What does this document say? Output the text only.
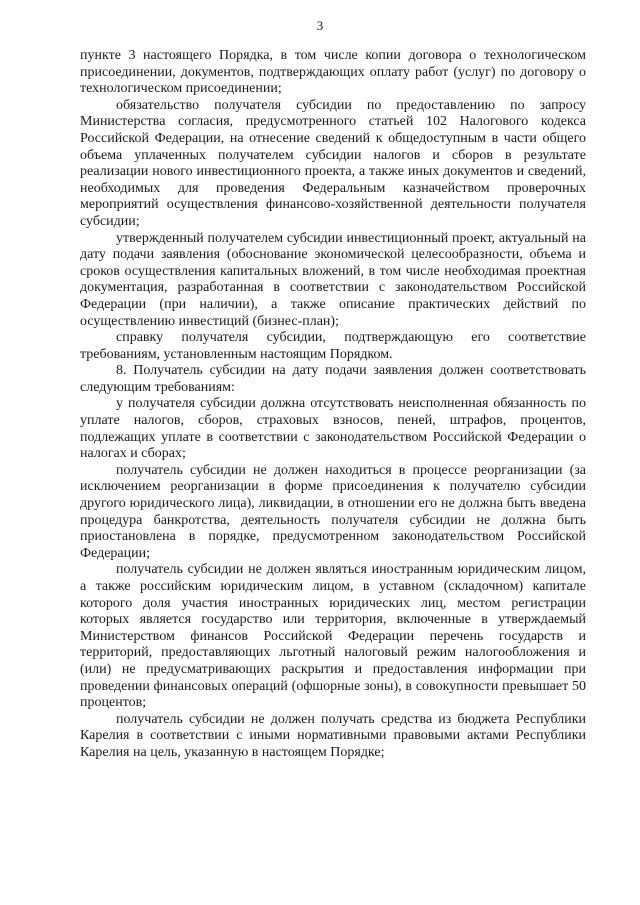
3

пункте 3 настоящего Порядка, в том числе копии договора о технологическом присоединении, документов, подтверждающих оплату работ (услуг) по договору о технологическом присоединении;

обязательство получателя субсидии по предоставлению по запросу Министерства согласия, предусмотренного статьей 102 Налогового кодекса Российской Федерации, на отнесение сведений к общедоступным в части общего объема уплаченных получателем субсидии налогов и сборов в результате реализации нового инвестиционного проекта, а также иных документов и сведений, необходимых для проведения Федеральным казначейством проверочных мероприятий осуществления финансово-хозяйственной деятельности получателя субсидии;

утвержденный получателем субсидии инвестиционный проект, актуальный на дату подачи заявления (обоснование экономической целесообразности, объема и сроков осуществления капитальных вложений, в том числе необходимая проектная документация, разработанная в соответствии с законодательством Российской Федерации (при наличии), а также описание практических действий по осуществлению инвестиций (бизнес-план);

справку получателя субсидии, подтверждающую его соответствие требованиям, установленным настоящим Порядком.

8. Получатель субсидии на дату подачи заявления должен соответствовать следующим требованиям:

у получателя субсидии должна отсутствовать неисполненная обязанность по уплате налогов, сборов, страховых взносов, пеней, штрафов, процентов, подлежащих уплате в соответствии с законодательством Российской Федерации о налогах и сборах;

получатель субсидии не должен находиться в процессе реорганизации (за исключением реорганизации в форме присоединения к получателю субсидии другого юридического лица), ликвидации, в отношении его не должна быть введена процедура банкротства, деятельность получателя субсидии не должна быть приостановлена в порядке, предусмотренном законодательством Российской Федерации;

получатель субсидии не должен являться иностранным юридическим лицом, а также российским юридическим лицом, в уставном (складочном) капитале которого доля участия иностранных юридических лиц, местом регистрации которых является государство или территория, включенные в утверждаемый Министерством финансов Российской Федерации перечень государств и территорий, предоставляющих льготный налоговый режим налогообложения и (или) не предусматривающих раскрытия и предоставления информации при проведении финансовых операций (офшорные зоны), в совокупности превышает 50 процентов;

получатель субсидии не должен получать средства из бюджета Республики Карелия в соответствии с иными нормативными правовыми актами Республики Карелия на цель, указанную в настоящем Порядке;
